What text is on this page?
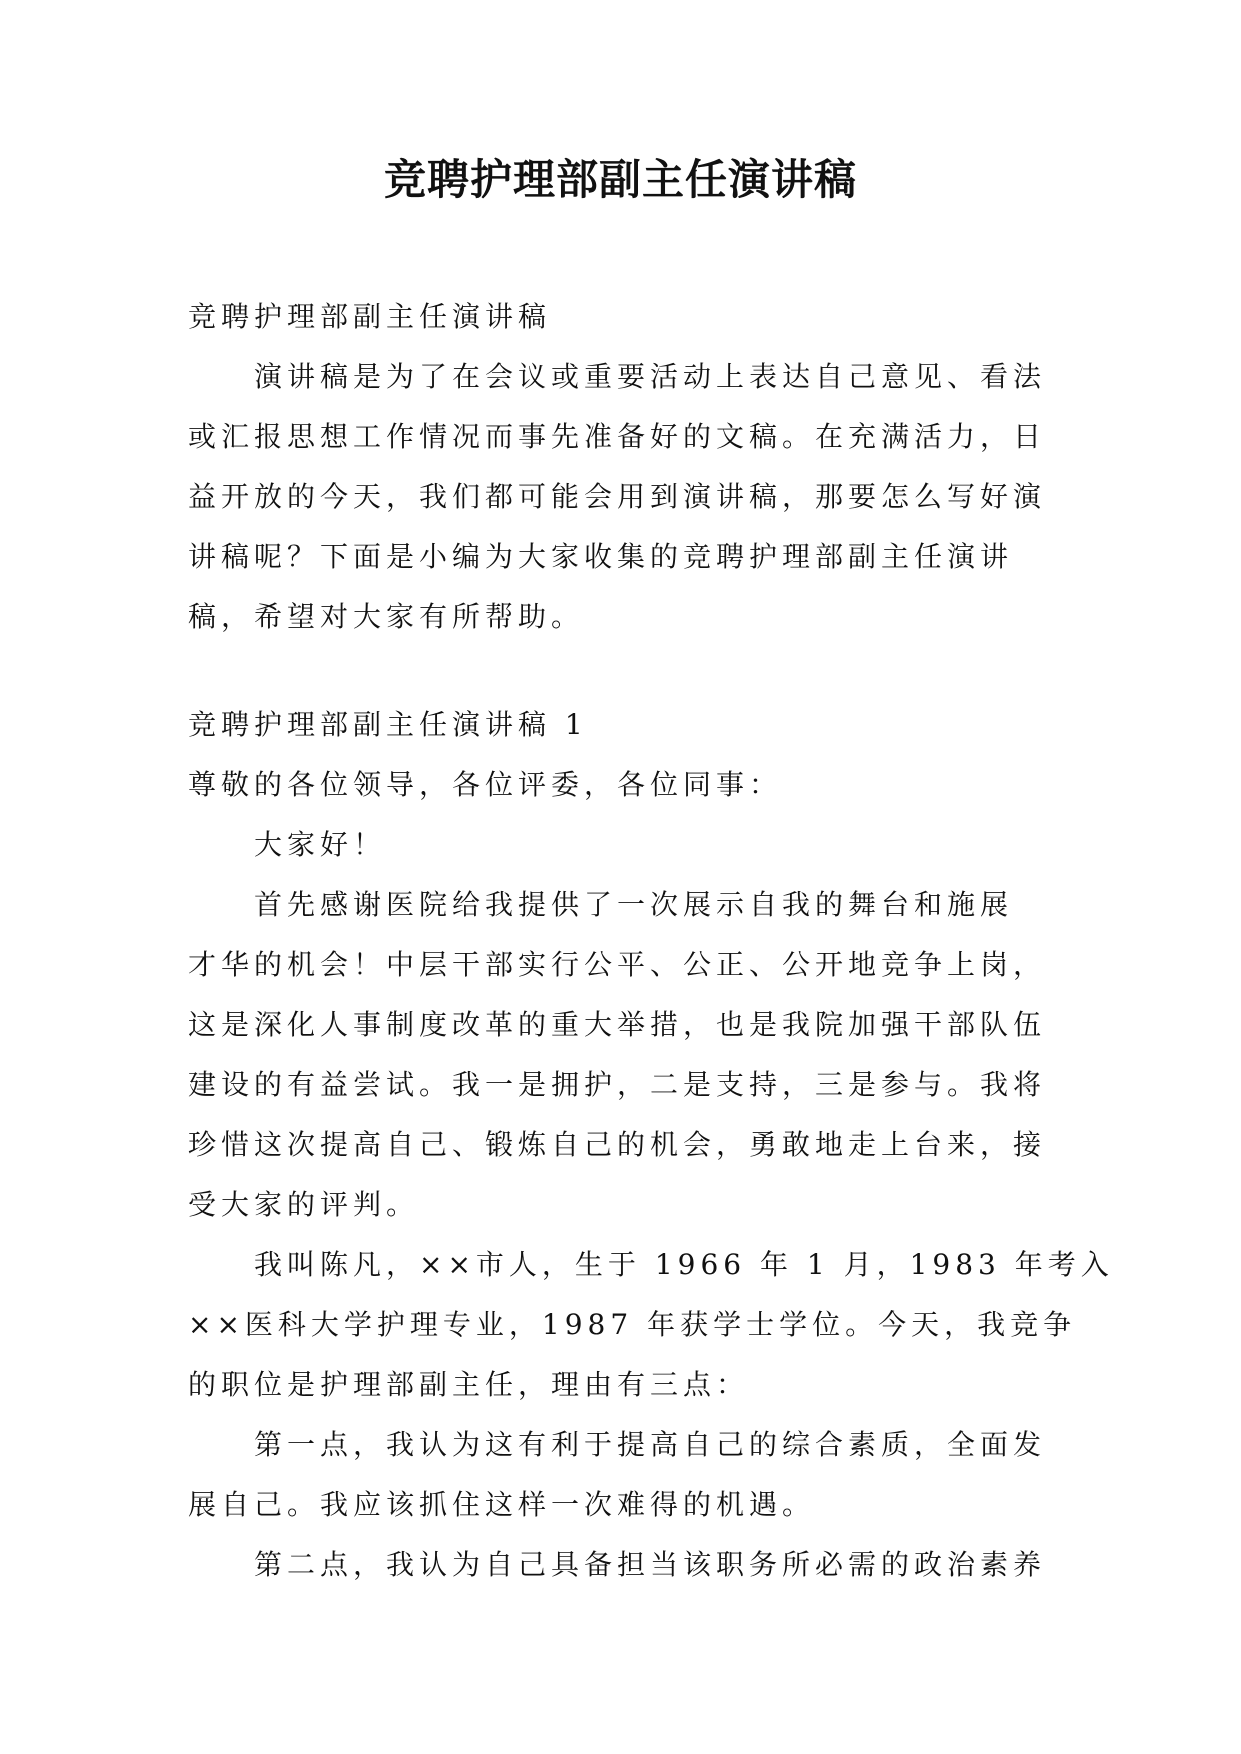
竞聘护理部副主任演讲稿
竞聘护理部副主任演讲稿
演讲稿是为了在会议或重要活动上表达自己意见、看法
或汇报思想工作情况而事先准备好的文稿。在充满活力，日
益开放的今天，我们都可能会用到演讲稿，那要怎么写好演
讲稿呢？下面是小编为大家收集的竞聘护理部副主任演讲
稿，希望对大家有所帮助。
竞聘护理部副主任演讲稿 1
尊敬的各位领导，各位评委，各位同事：
大家好！
首先感谢医院给我提供了一次展示自我的舞台和施展
才华的机会！中层干部实行公平、公正、公开地竞争上岗，
这是深化人事制度改革的重大举措，也是我院加强干部队伍
建设的有益尝试。我一是拥护，二是支持，三是参与。我将
珍惜这次提高自己、锻炼自己的机会，勇敢地走上台来，接
受大家的评判。
我叫陈凡，××市人，生于 1966 年 1 月，1983 年考入
××医科大学护理专业，1987 年获学士学位。今天，我竞争
的职位是护理部副主任，理由有三点：
第一点，我认为这有利于提高自己的综合素质，全面发
展自己。我应该抓住这样一次难得的机遇。
第二点，我认为自己具备担当该职务所必需的政治素养
